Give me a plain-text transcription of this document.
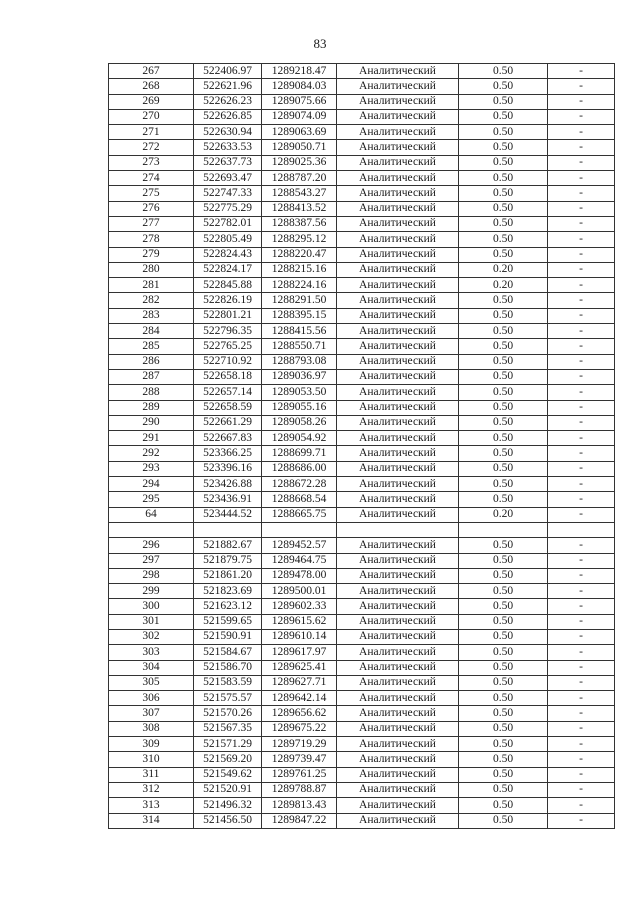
83
267	522406.97	1289218.47	Аналитический	0.50	-
268	522621.96	1289084.03	Аналитический	0.50	-
269	522626.23	1289075.66	Аналитический	0.50	-
270	522626.85	1289074.09	Аналитический	0.50	-
271	522630.94	1289063.69	Аналитический	0.50	-
272	522633.53	1289050.71	Аналитический	0.50	-
273	522637.73	1289025.36	Аналитический	0.50	-
274	522693.47	1288787.20	Аналитический	0.50	-
275	522747.33	1288543.27	Аналитический	0.50	-
276	522775.29	1288413.52	Аналитический	0.50	-
277	522782.01	1288387.56	Аналитический	0.50	-
278	522805.49	1288295.12	Аналитический	0.50	-
279	522824.43	1288220.47	Аналитический	0.50	-
280	522824.17	1288215.16	Аналитический	0.20	-
281	522845.88	1288224.16	Аналитический	0.20	-
282	522826.19	1288291.50	Аналитический	0.50	-
283	522801.21	1288395.15	Аналитический	0.50	-
284	522796.35	1288415.56	Аналитический	0.50	-
285	522765.25	1288550.71	Аналитический	0.50	-
286	522710.92	1288793.08	Аналитический	0.50	-
287	522658.18	1289036.97	Аналитический	0.50	-
288	522657.14	1289053.50	Аналитический	0.50	-
289	522658.59	1289055.16	Аналитический	0.50	-
290	522661.29	1289058.26	Аналитический	0.50	-
291	522667.83	1289054.92	Аналитический	0.50	-
292	523366.25	1288699.71	Аналитический	0.50	-
293	523396.16	1288686.00	Аналитический	0.50	-
294	523426.88	1288672.28	Аналитический	0.50	-
295	523436.91	1288668.54	Аналитический	0.50	-
64	523444.52	1288665.75	Аналитический	0.20	-

296	521882.67	1289452.57	Аналитический	0.50	-
297	521879.75	1289464.75	Аналитический	0.50	-
298	521861.20	1289478.00	Аналитический	0.50	-
299	521823.69	1289500.01	Аналитический	0.50	-
300	521623.12	1289602.33	Аналитический	0.50	-
301	521599.65	1289615.62	Аналитический	0.50	-
302	521590.91	1289610.14	Аналитический	0.50	-
303	521584.67	1289617.97	Аналитический	0.50	-
304	521586.70	1289625.41	Аналитический	0.50	-
305	521583.59	1289627.71	Аналитический	0.50	-
306	521575.57	1289642.14	Аналитический	0.50	-
307	521570.26	1289656.62	Аналитический	0.50	-
308	521567.35	1289675.22	Аналитический	0.50	-
309	521571.29	1289719.29	Аналитический	0.50	-
310	521569.20	1289739.47	Аналитический	0.50	-
311	521549.62	1289761.25	Аналитический	0.50	-
312	521520.91	1289788.87	Аналитический	0.50	-
313	521496.32	1289813.43	Аналитический	0.50	-
314	521456.50	1289847.22	Аналитический	0.50	-
